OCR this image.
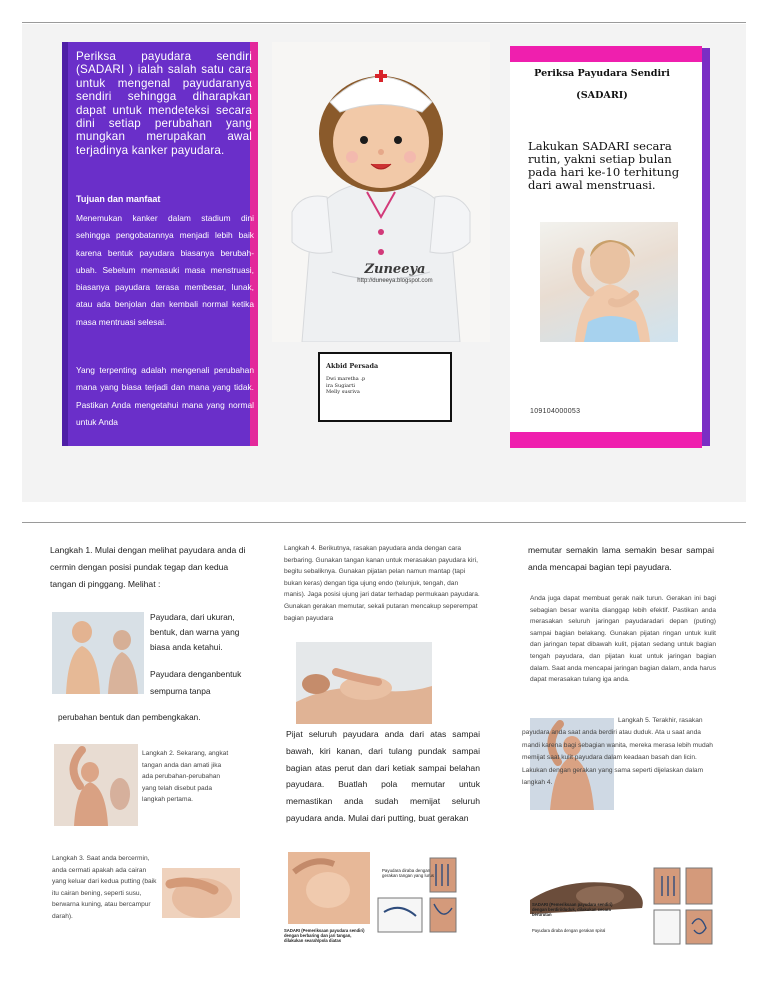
Periksa payudara sendiri (SADARI ) ialah salah satu cara untuk mengenal payudaranya sendiri sehingga diharapkan dapat untuk mendeteksi secara dini setiap perubahan yang mungkan merupakan awal terjadinya kanker payudara.
Tujuan dan manfaat
Menemukan kanker dalam stadium dini sehingga pengobatannya menjadi lebih baik karena bentuk payudara biasanya berubah-ubah. Sebelum memasuki masa menstruasi, biasanya payudara terasa membesar, lunak, atau ada benjolan dan kembali normal ketika masa mentruasi selesai.
Yang terpenting adalah mengenali perubahan mana yang biasa terjadi dan mana yang tidak. Pastikan Anda mengetahui mana yang normal untuk Anda
Zuneeya
http://duneeya.blogspot.com
Akbid Persada
Dwi maretha .p
ira Sugiarti
Melly susriva
Periksa Payudara Sendiri
(SADARI)
Lakukan SADARI secara rutin, yakni setiap bulan pada hari ke-10 terhitung dari awal menstruasi.
109104000053
Langkah 1. Mulai dengan melihat payudara anda di cermin dengan posisi pundak tegap dan kedua tangan di pinggang. Melihat :
Payudara, dari ukuran, bentuk, dan warna yang biasa anda ketahui.
Payudara denganbentuk sempurna tanpa
perubahan bentuk dan pembengkakan.
Langkah 2. Sekarang, angkat tangan anda dan amati jika ada perubahan-perubahan yang telah disebut pada langkah pertama.
Langkah 3. Saat anda bercermin, anda cermati apakah ada cairan yang keluar dari kedua putting (baik itu cairan bening, seperti susu, berwarna kuning, atau bercampur darah).
Langkah 4. Berikutnya, rasakan payudara anda dengan cara berbaring. Gunakan tangan kanan untuk merasakan payudara kiri, begitu sebaliknya. Gunakan pijatan pelan namun mantap (tapi bukan keras) dengan tiga ujung endo (telunjuk, tengah, dan manis). Jaga posisi ujung jari datar terhadap permukaan payudara. Gunakan gerakan memutar, sekali putaran mencakup seperempat bagian payudara
Pijat seluruh payudara anda dari atas sampai bawah, kiri kanan, dari tulang pundak sampai bagian atas perut dan dari ketiak sampai belahan payudara. Buatlah pola memutar untuk memastikan anda sudah memijat seluruh payudara anda. Mulai dari putting, buat gerakan
Payudara diraba dengan gerakan tangan yang lurus
SADARI (Pemeriksaan payudara sendiri) dengan berbaring dan jari tangan, dilakukan searah/pola diatas
memutar semakin lama semakin besar sampai anda mencapai bagian tepi payudara.
Anda juga dapat membuat gerak naik turun. Gerakan ini bagi sebagian besar wanita dianggap lebih efektif. Pastikan anda merasakan seluruh jaringan payudaradari depan (puting) sampai bagian belakang. Gunakan pijatan ringan untuk kulit dan jaringan tepat dibawah kulit, pijatan sedang untuk bagian tengah payudara, dan pijatan kuat untuk jaringan bagian dalam. Saat anda mencapai jaringan bagian dalam, anda harus dapat merasakan tulang iga anda.
Langkah 5. Terakhir, rasakan payudara anda saat anda berdiri atau duduk. Ata u saat anda mandi karena bagi sebagian wanita, mereka merasa lebih mudah memijat saat kulit payudara dalam keadaan basah dan licin. Lakukan dengan gerakan yang sama seperti dijelaskan dalam langkah 4.
SADARI (Pemeriksaan payudara sendiri) dengan berdiri/duduk, dilakukan secara berurutan
Payudara diraba dengan gerakan spiral
